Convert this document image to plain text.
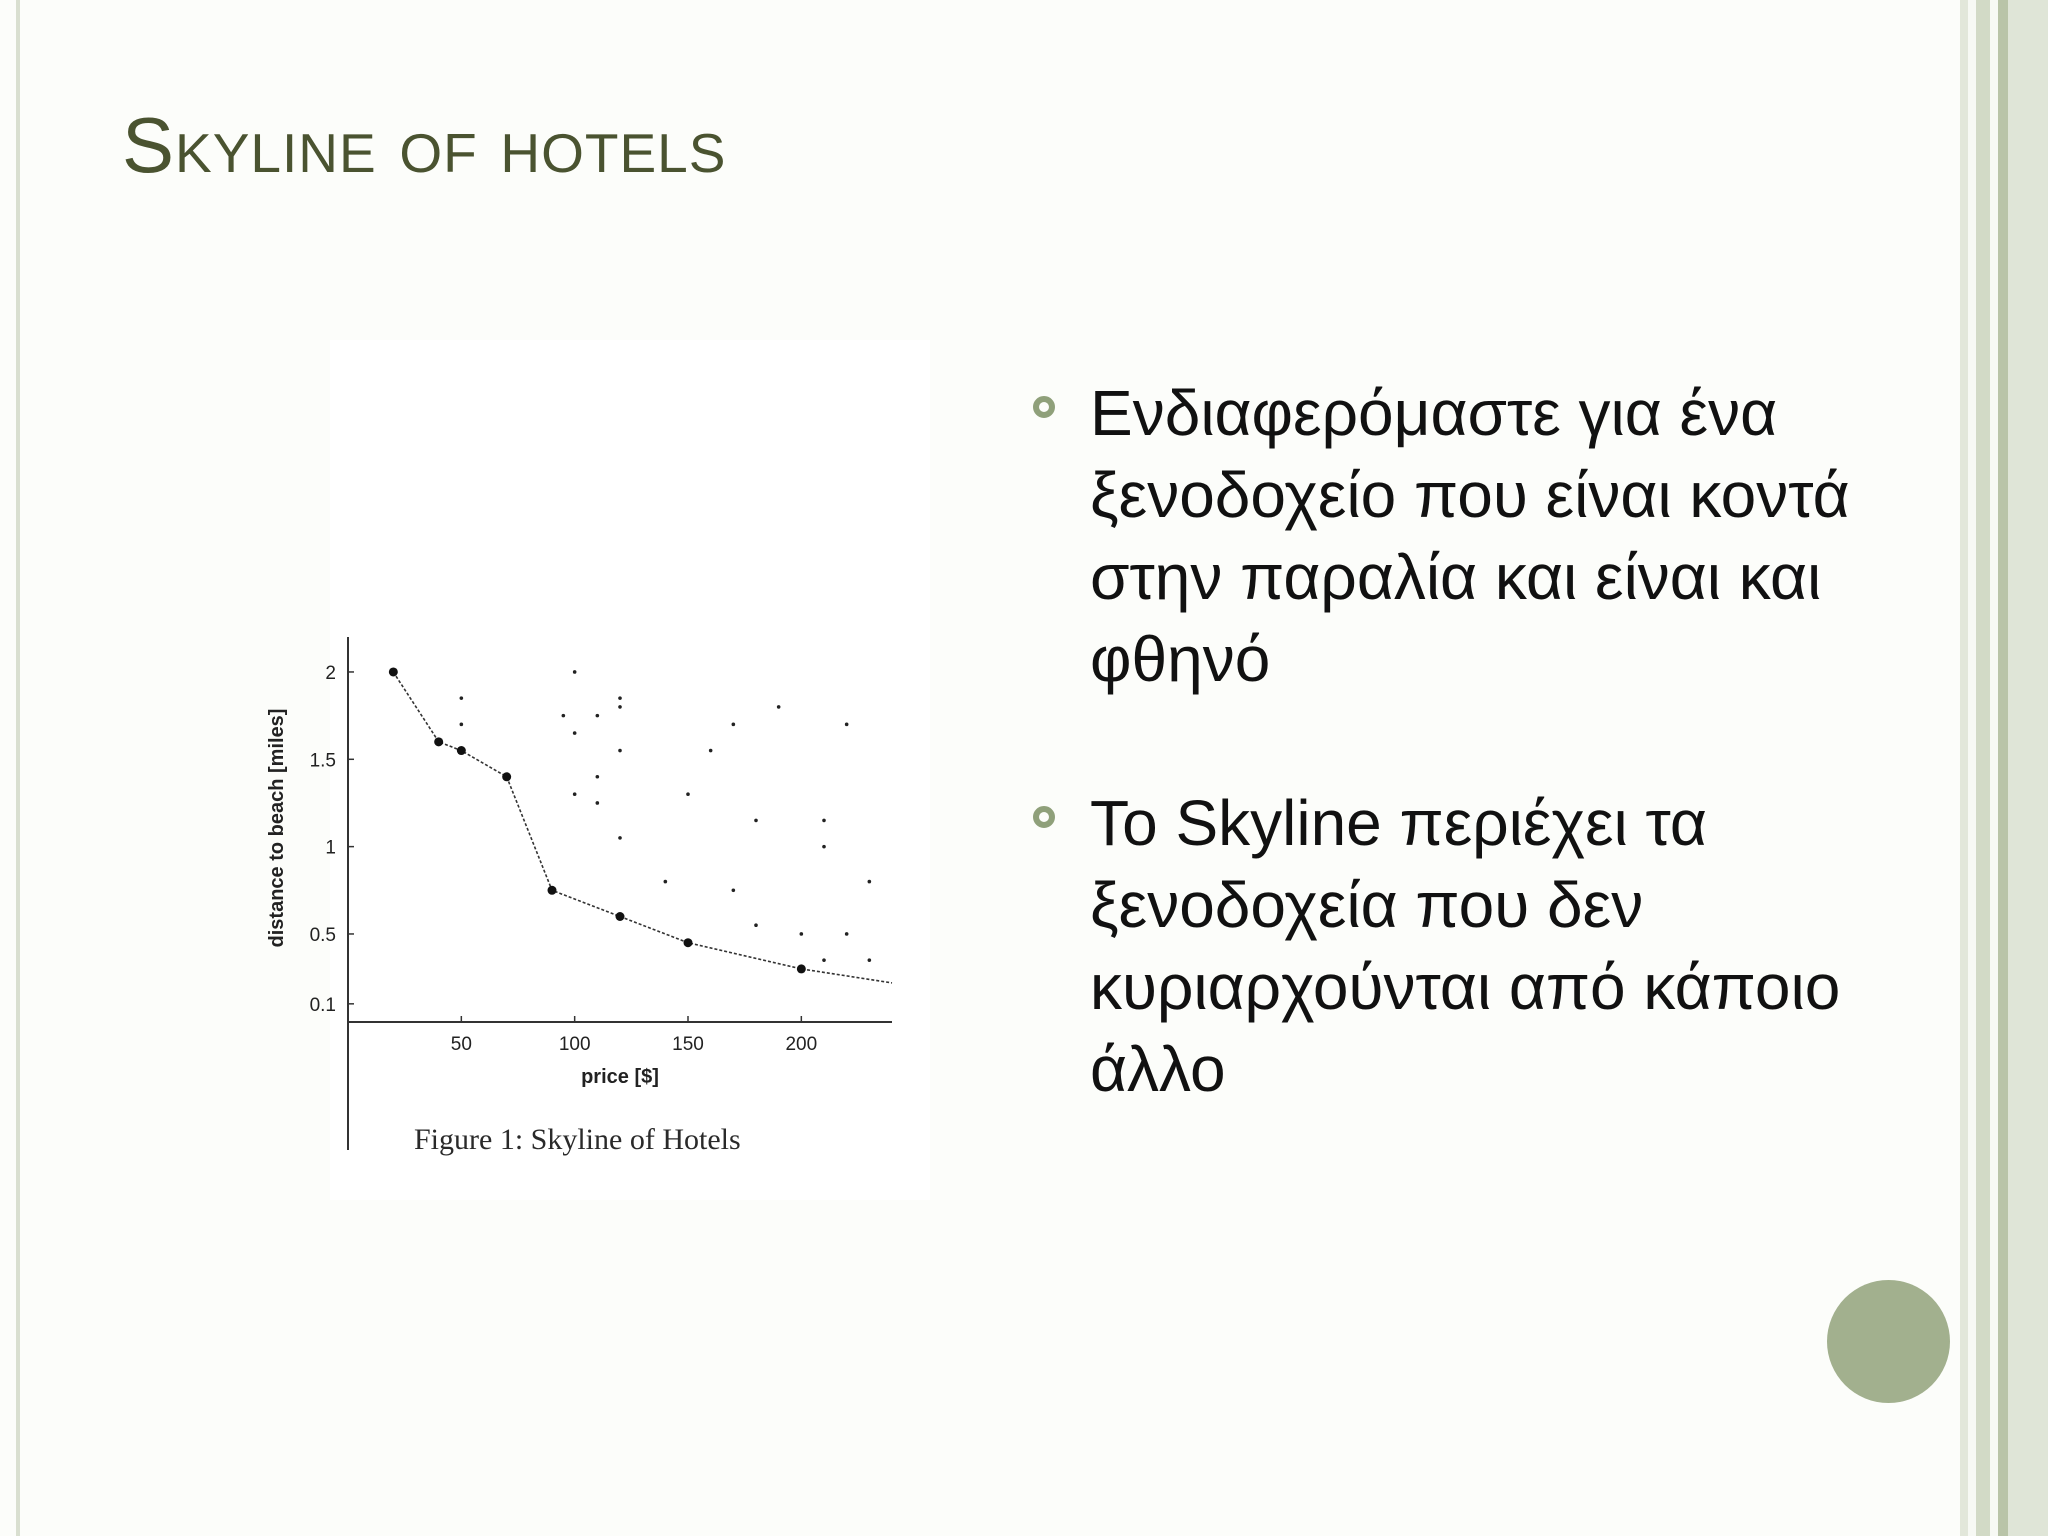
Skyline of hotels
50	100	150	200
0.1
0.5
1
1.5
2
price [$]
distance to beach [miles]
Figure 1: Skyline of Hotels
Ενδιαφερόμαστε για ένα
ξενοδοχείο που είναι κοντά
στην παραλία και είναι και
φθηνό
Το Skyline περιέχει τα
ξενοδοχεία που δεν
κυριαρχούνται από κάποιο
άλλο
